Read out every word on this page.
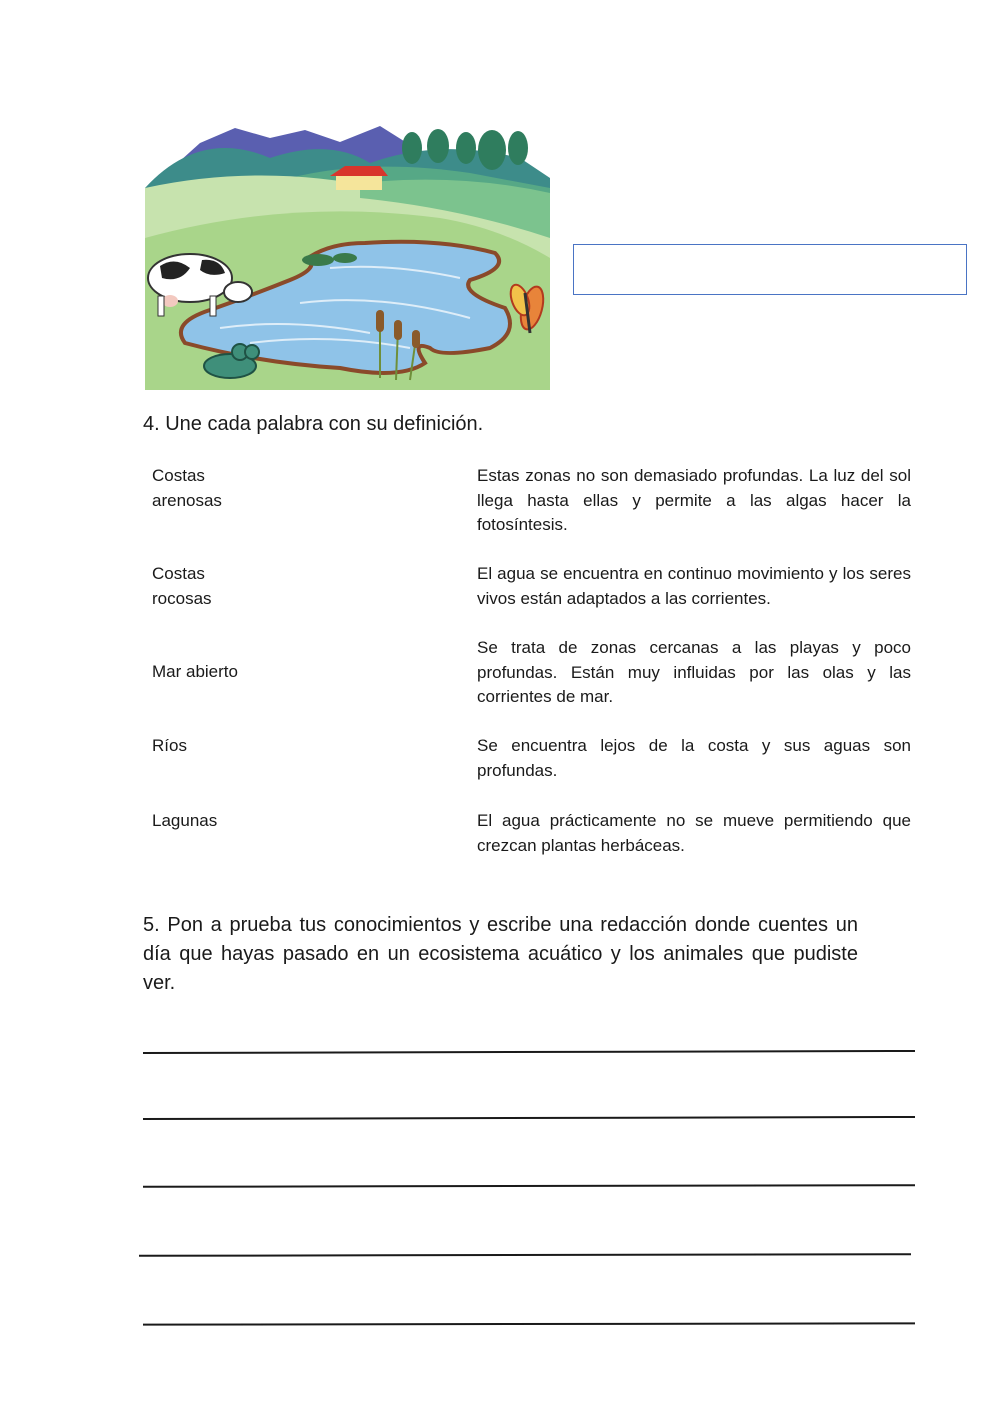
4. Une cada palabra con su definición.
Costas
arenosas
Costas
rocosas
Mar abierto
Ríos
Lagunas
Estas zonas no son demasiado profundas. La luz del sol llega hasta ellas y permite a las algas hacer la fotosíntesis.
El agua se encuentra en continuo movimiento y los seres vivos están adaptados a las corrientes.
Se trata de zonas cercanas a las playas y poco profundas. Están muy influidas por las olas y las corrientes de mar.
Se encuentra lejos de la costa y sus aguas son profundas.
El agua prácticamente no se mueve permitiendo que crezcan plantas herbáceas.
5. Pon a prueba tus conocimientos y escribe una redacción donde cuentes un día que hayas pasado en un ecosistema acuático y los animales que pudiste ver.
